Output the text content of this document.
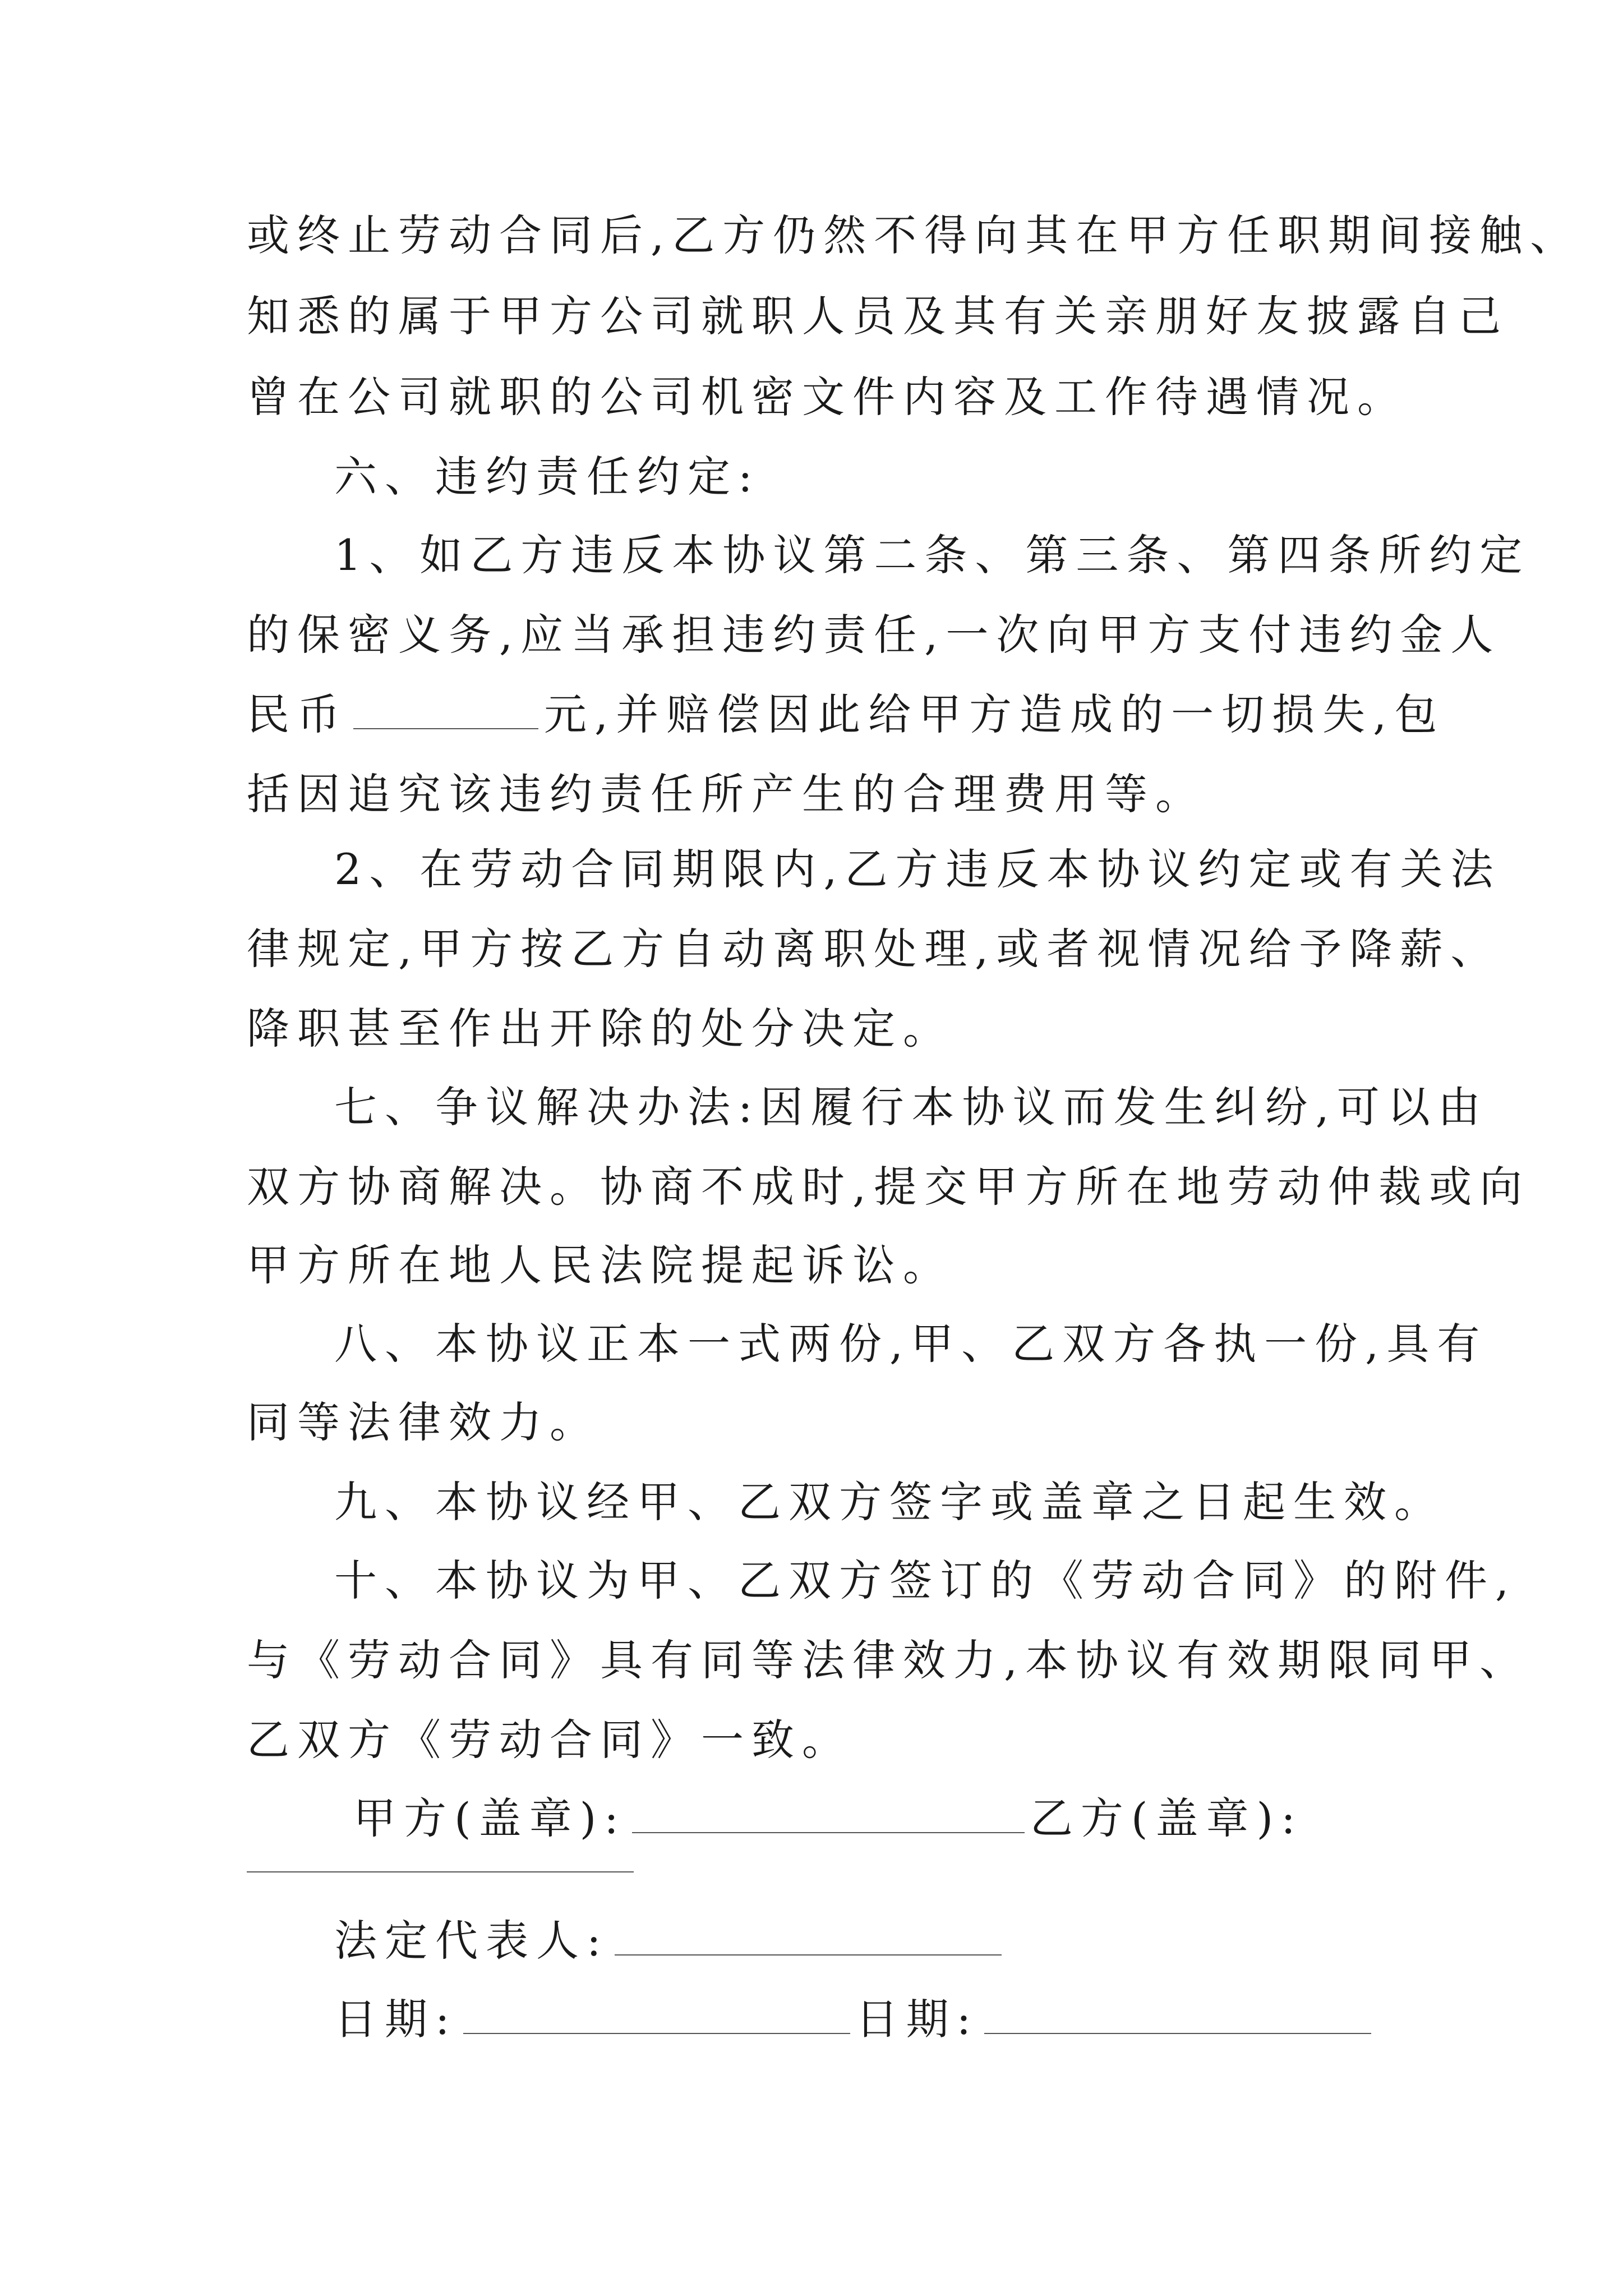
或终止劳动合同后,乙方仍然不得向其在甲方任职期间接触、
知悉的属于甲方公司就职人员及其有关亲朋好友披露自己
曾在公司就职的公司机密文件内容及工作待遇情况。
六、违约责任约定:
1、如乙方违反本协议第二条、第三条、第四条所约定
的保密义务,应当承担违约责任,一次向甲方支付违约金人
民币	元,并赔偿因此给甲方造成的一切损失,包
括因追究该违约责任所产生的合理费用等。
2、在劳动合同期限内,乙方违反本协议约定或有关法
律规定,甲方按乙方自动离职处理,或者视情况给予降薪、
降职甚至作出开除的处分决定。
七、争议解决办法:因履行本协议而发生纠纷,可以由
双方协商解决。协商不成时,提交甲方所在地劳动仲裁或向
甲方所在地人民法院提起诉讼。
八、本协议正本一式两份,甲、乙双方各执一份,具有
同等法律效力。
九、本协议经甲、乙双方签字或盖章之日起生效。
十、本协议为甲、乙双方签订的《劳动合同》的附件,
与《劳动合同》具有同等法律效力,本协议有效期限同甲、
乙双方《劳动合同》一致。
甲方(盖章):	乙方(盖章):
法定代表人:
日期:	日期:
